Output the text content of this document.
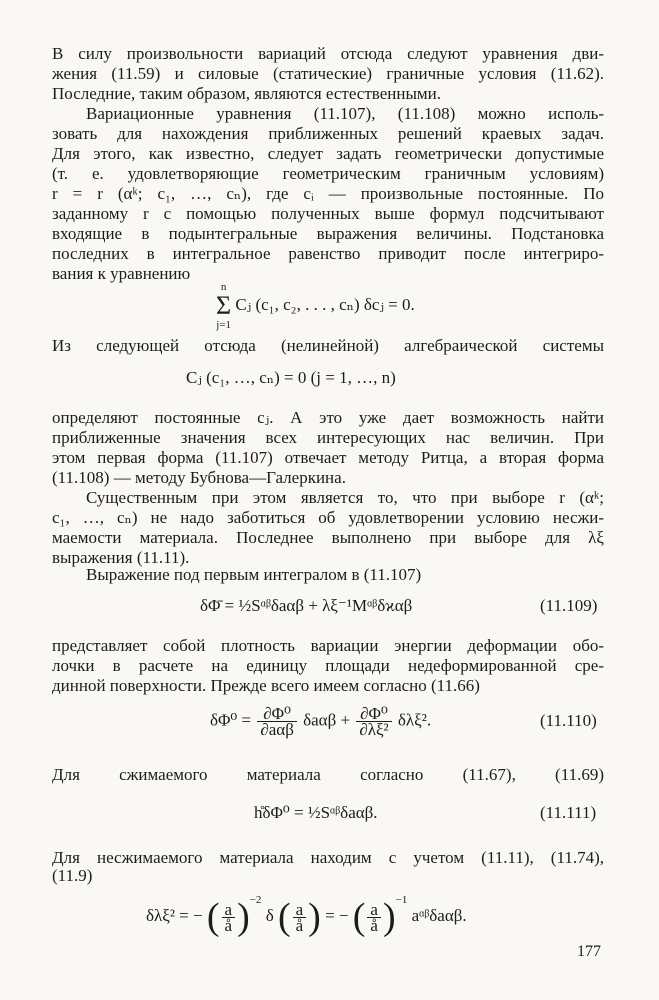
В силу произвольности вариаций отсюда следуют уравнения дви-
жения (11.59) и силовые (статические) граничные условия (11.62).
Последние, таким образом, являются естественными.
Вариационные уравнения (11.107), (11.108) можно исполь-
зовать для нахождения приближенных решений краевых задач.
Для этого, как известно, следует задать геометрически допустимые
(т. е. удовлетворяющие геометрическим граничным условиям)
r = r (αᵏ; c₁, …, cₙ), где cᵢ — произвольные постоянные. По
заданному r с помощью полученных выше формул подсчитывают
входящие в подынтегральные выражения величины. Подстановка
последних в интегральное равенство приводит после интегриро-
вания к уравнению
n
Σ
j=1
Cⱼ (c₁, c₂, . . . , cₙ) δcⱼ = 0.
Из следующей отсюда (нелинейной) алгебраической системы
Cⱼ (c₁, …, cₙ) = 0 (j = 1, …, n)
определяют постоянные cⱼ. А это уже дает возможность найти
приближенные значения всех интересующих нас величин. При
этом первая форма (11.107) отвечает методу Ритца, а вторая форма
(11.108) — методу Бубнова—Галеркина.
Существенным при этом является то, что при выборе r (αᵏ;
c₁, …, cₙ) не надо заботиться об удовлетворении условию несжи-
маемости материала. Последнее выполнено при выборе для λξ
выражения (11.11).
Выражение под первым интегралом в (11.107)
δΦ̄ = ½Sᵅᵝδaαβ + λξ⁻¹Mᵅᵝδϰαβ	(11.109)
представляет собой плотность вариации энергии деформации обо-
лочки в расчете на единицу площади недеформированной сре-
динной поверхности. Прежде всего имеем согласно (11.66)
$\delta\Phi^0 = \frac{\text{∂Φ⁰}}{\text{∂aαβ}}$ $\delta a\alpha\beta + \frac{\text{∂Φ⁰}}{\text{∂λξ²}} \delta\lambda\xi^2$.	(11.110)
Для сжимаемого материала согласно (11.67), (11.69)
h̊δΦ⁰ = ½Sᵅᵝδaαβ.	(11.111)
Для несжимаемого материала находим с учетом (11.11), (11.74),
(11.9)
δλξ² = − ( $\frac{a}{å} )^{-2}$ δ ( $\frac{a}{å}$ ) = − ( $\frac{a}{å} )^{-1}$ aᵅᵝδaαβ.
177
